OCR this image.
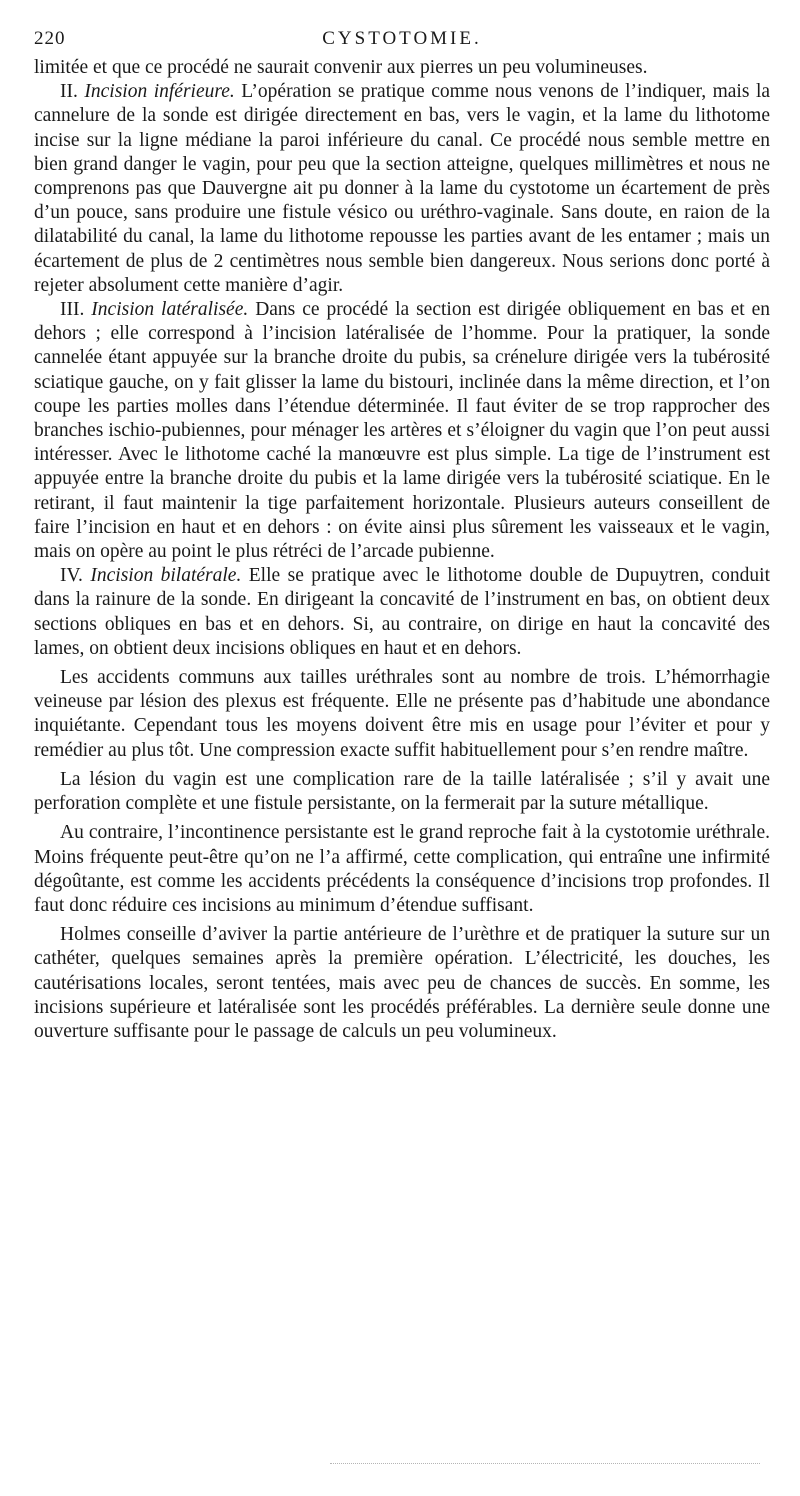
220	CYSTOTOMIE.

limitée et que ce procédé ne saurait convenir aux pierres un peu volumineuses.

II. Incision inférieure. L’opération se pratique comme nous venons de l’indiquer, mais la cannelure de la sonde est dirigée directement en bas, vers le vagin, et la lame du lithotome incise sur la ligne médiane la paroi inférieure du canal. Ce procédé nous semble mettre en bien grand danger le vagin, pour peu que la section atteigne, quelques millimètres et nous ne comprenons pas que Dauvergne ait pu donner à la lame du cystotome un écartement de près d’un pouce, sans produire une fistule vésico ou uréthro-vaginale. Sans doute, en raion de la dilatabilité du canal, la lame du lithotome repousse les parties avant de les entamer ; mais un écartement de plus de 2 centimètres nous semble bien dangereux. Nous serions donc porté à rejeter absolument cette manière d’agir.

III. Incision latéralisée. Dans ce procédé la section est dirigée obliquement en bas et en dehors ; elle correspond à l’incision latéralisée de l’homme. Pour la pratiquer, la sonde cannelée étant appuyée sur la branche droite du pubis, sa crénelure dirigée vers la tubérosité sciatique gauche, on y fait glisser la lame du bistouri, inclinée dans la même direction, et l’on coupe les parties molles dans l’étendue déterminée. Il faut éviter de se trop rapprocher des branches ischio-pubiennes, pour ménager les artères et s’éloigner du vagin que l’on peut aussi intéresser. Avec le lithotome caché la manœuvre est plus simple. La tige de l’instrument est appuyée entre la branche droite du pubis et la lame dirigée vers la tubérosité sciatique. En le retirant, il faut maintenir la tige parfaitement horizontale. Plusieurs auteurs conseillent de faire l’incision en haut et en dehors : on évite ainsi plus sûrement les vaisseaux et le vagin, mais on opère au point le plus rétréci de l’arcade pubienne.

IV. Incision bilatérale. Elle se pratique avec le lithotome double de Dupuytren, conduit dans la rainure de la sonde. En dirigeant la concavité de l’instrument en bas, on obtient deux sections obliques en bas et en dehors. Si, au contraire, on dirige en haut la concavité des lames, on obtient deux incisions obliques en haut et en dehors.

Les accidents communs aux tailles uréthrales sont au nombre de trois. L’hémorrhagie veineuse par lésion des plexus est fréquente. Elle ne présente pas d’habitude une abondance inquiétante. Cependant tous les moyens doivent être mis en usage pour l’éviter et pour y remédier au plus tôt. Une compression exacte suffit habituellement pour s’en rendre maître.

La lésion du vagin est une complication rare de la taille latéralisée ; s’il y avait une perforation complète et une fistule persistante, on la fermerait par la suture métallique.

Au contraire, l’incontinence persistante est le grand reproche fait à la cystotomie uréthrale. Moins fréquente peut-être qu’on ne l’a affirmé, cette complication, qui entraîne une infirmité dégoûtante, est comme les accidents précédents la conséquence d’incisions trop profondes. Il faut donc réduire ces incisions au minimum d’étendue suffisant.

Holmes conseille d’aviver la partie antérieure de l’urèthre et de pratiquer la suture sur un cathéter, quelques semaines après la première opération. L’électricité, les douches, les cautérisations locales, seront tentées, mais avec peu de chances de succès. En somme, les incisions supérieure et latéralisée sont les procédés préférables. La dernière seule donne une ouverture suffisante pour le passage de calculs un peu volumineux.
